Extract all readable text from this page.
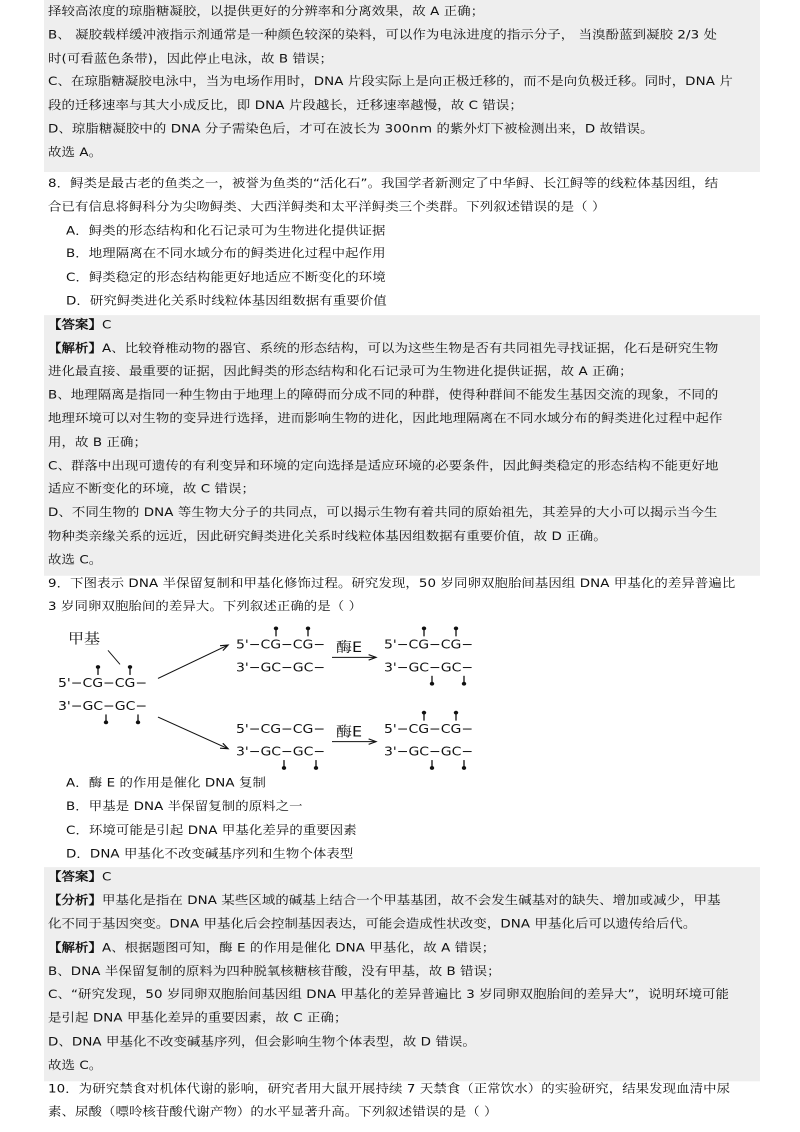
择较高浓度的琼脂糖凝胶，以提供更好的分辨率和分离效果，故 A 正确；
B、 凝胶载样缓冲液指示剂通常是一种颜色较深的染料，可以作为电泳进度的指示分子， 当溴酚蓝到凝胶 2/3 处
时(可看蓝色条带)，因此停止电泳，故 B 错误；
C、在琼脂糖凝胶电泳中，当为电场作用时，DNA 片段实际上是向正极迁移的，而不是向负极迁移。同时，DNA 片
段的迁移速率与其大小成反比，即 DNA 片段越长，迁移速率越慢，故 C 错误；
D、琼脂糖凝胶中的 DNA 分子需染色后，才可在波长为 300nm 的紫外灯下被检测出来，D 故错误。
故选 A。
8．鲟类是最古老的鱼类之一，被誉为鱼类的“活化石”。我国学者新测定了中华鲟、长江鲟等的线粒体基因组，结
合已有信息将鲟科分为尖吻鲟类、大西洋鲟类和太平洋鲟类三个类群。下列叙述错误的是（ ）
A．鲟类的形态结构和化石记录可为生物进化提供证据
B．地理隔离在不同水域分布的鲟类进化过程中起作用
C．鲟类稳定的形态结构能更好地适应不断变化的环境
D．研究鲟类进化关系时线粒体基因组数据有重要价值
【答案】C
【解析】A、比较脊椎动物的器官、系统的形态结构，可以为这些生物是否有共同祖先寻找证据，化石是研究生物
进化最直接、最重要的证据，因此鲟类的形态结构和化石记录可为生物进化提供证据，故 A 正确；
B、地理隔离是指同一种生物由于地理上的障碍而分成不同的种群，使得种群间不能发生基因交流的现象，不同的
地理环境可以对生物的变异进行选择，进而影响生物的进化，因此地理隔离在不同水域分布的鲟类进化过程中起作
用，故 B 正确；
C、群落中出现可遗传的有利变异和环境的定向选择是适应环境的必要条件，因此鲟类稳定的形态结构不能更好地
适应不断变化的环境，故 C 错误；
D、不同生物的 DNA 等生物大分子的共同点，可以揭示生物有着共同的原始祖先，其差异的大小可以揭示当今生
物种类亲缘关系的远近，因此研究鲟类进化关系时线粒体基因组数据有重要价值，故 D 正确。
故选 C。
9．下图表示 DNA 半保留复制和甲基化修饰过程。研究发现，50 岁同卵双胞胎间基因组 DNA 甲基化的差异普遍比
3 岁同卵双胞胎间的差异大。下列叙述正确的是（ ）
甲基
5'−CG−CG−
3'−GC−GC−
5'−CG−CG−
3'−GC−GC−
酶E 5'−CG−CG−
3'−GC−GC−
5'−CG−CG−
3'−GC−GC−
酶E 5'−CG−CG−
3'−GC−GC−
A．酶 E 的作用是催化 DNA 复制
B．甲基是 DNA 半保留复制的原料之一
C．环境可能是引起 DNA 甲基化差异的重要因素
D．DNA 甲基化不改变碱基序列和生物个体表型
【答案】C
【分析】甲基化是指在 DNA 某些区域的碱基上结合一个甲基基团，故不会发生碱基对的缺失、增加或减少，甲基
化不同于基因突变。DNA 甲基化后会控制基因表达，可能会造成性状改变，DNA 甲基化后可以遗传给后代。
【解析】A、根据题图可知，酶 E 的作用是催化 DNA 甲基化，故 A 错误；
B、DNA 半保留复制的原料为四种脱氧核糖核苷酸，没有甲基，故 B 错误；
C、“研究发现，50 岁同卵双胞胎间基因组 DNA 甲基化的差异普遍比 3 岁同卵双胞胎间的差异大”，说明环境可能
是引起 DNA 甲基化差异的重要因素，故 C 正确；
D、DNA 甲基化不改变碱基序列，但会影响生物个体表型，故 D 错误。
故选 C。
10．为研究禁食对机体代谢的影响，研究者用大鼠开展持续 7 天禁食（正常饮水）的实验研究，结果发现血清中尿
素、尿酸（嘌呤核苷酸代谢产物）的水平显著升高。下列叙述错误的是（ ）
